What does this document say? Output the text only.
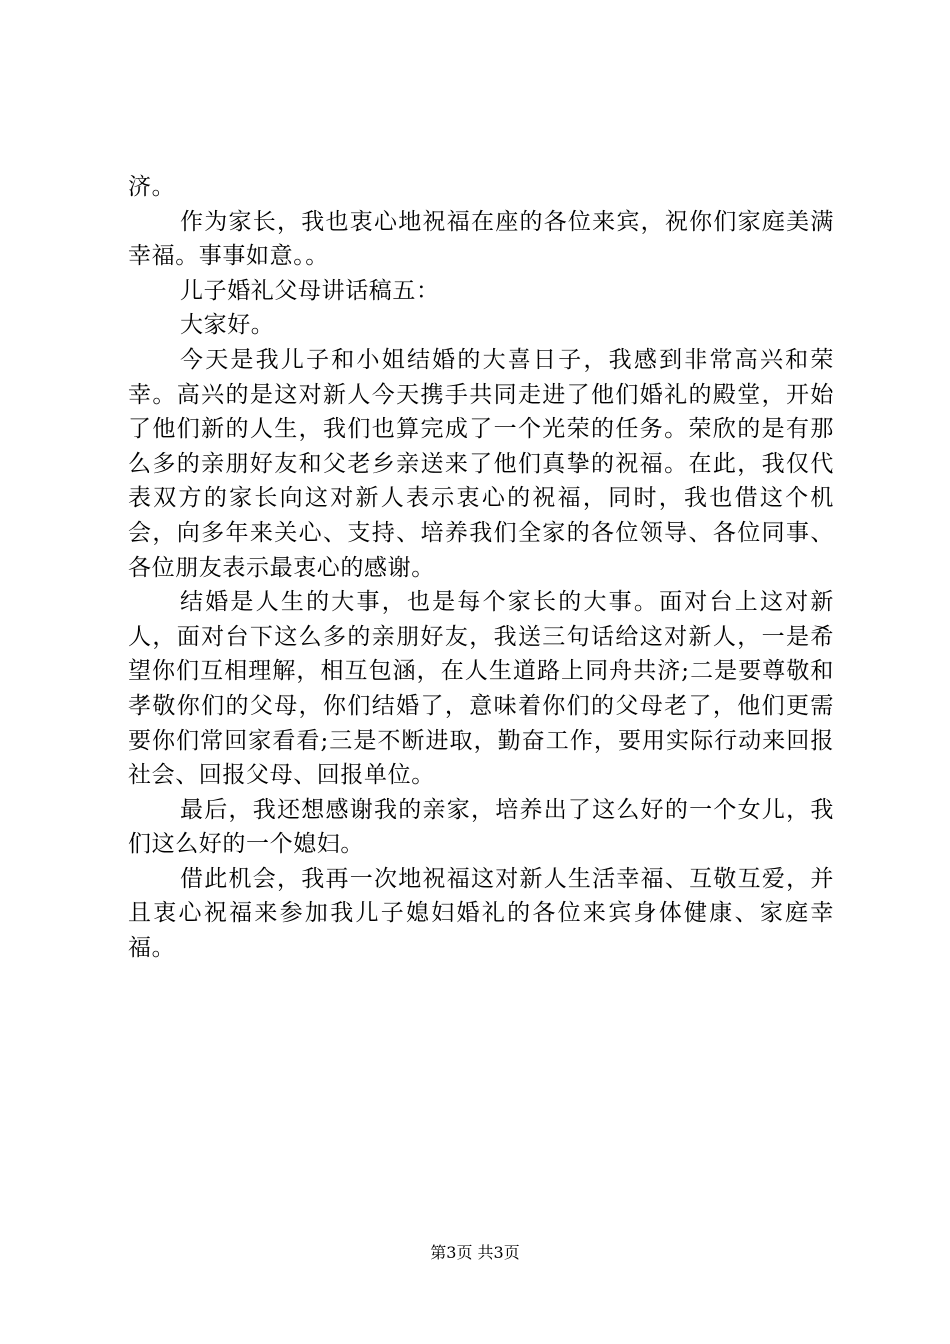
济。

作为家长，我也衷心地祝福在座的各位来宾，祝你们家庭美满幸福。事事如意。。

儿子婚礼父母讲话稿五：

大家好。

今天是我儿子和小姐结婚的大喜日子，我感到非常高兴和荣幸。高兴的是这对新人今天携手共同走进了他们婚礼的殿堂，开始了他们新的人生，我们也算完成了一个光荣的任务。荣欣的是有那么多的亲朋好友和父老乡亲送来了他们真挚的祝福。在此，我仅代表双方的家长向这对新人表示衷心的祝福，同时，我也借这个机会，向多年来关心、支持、培养我们全家的各位领导、各位同事、各位朋友表示最衷心的感谢。

结婚是人生的大事，也是每个家长的大事。面对台上这对新人，面对台下这么多的亲朋好友，我送三句话给这对新人，一是希望你们互相理解，相互包涵，在人生道路上同舟共济;二是要尊敬和孝敬你们的父母，你们结婚了，意味着你们的父母老了，他们更需要你们常回家看看;三是不断进取，勤奋工作，要用实际行动来回报社会、回报父母、回报单位。

最后，我还想感谢我的亲家，培养出了这么好的一个女儿，我们这么好的一个媳妇。

借此机会，我再一次地祝福这对新人生活幸福、互敬互爱，并且衷心祝福来参加我儿子媳妇婚礼的各位来宾身体健康、家庭幸福。

第3页 共3页
